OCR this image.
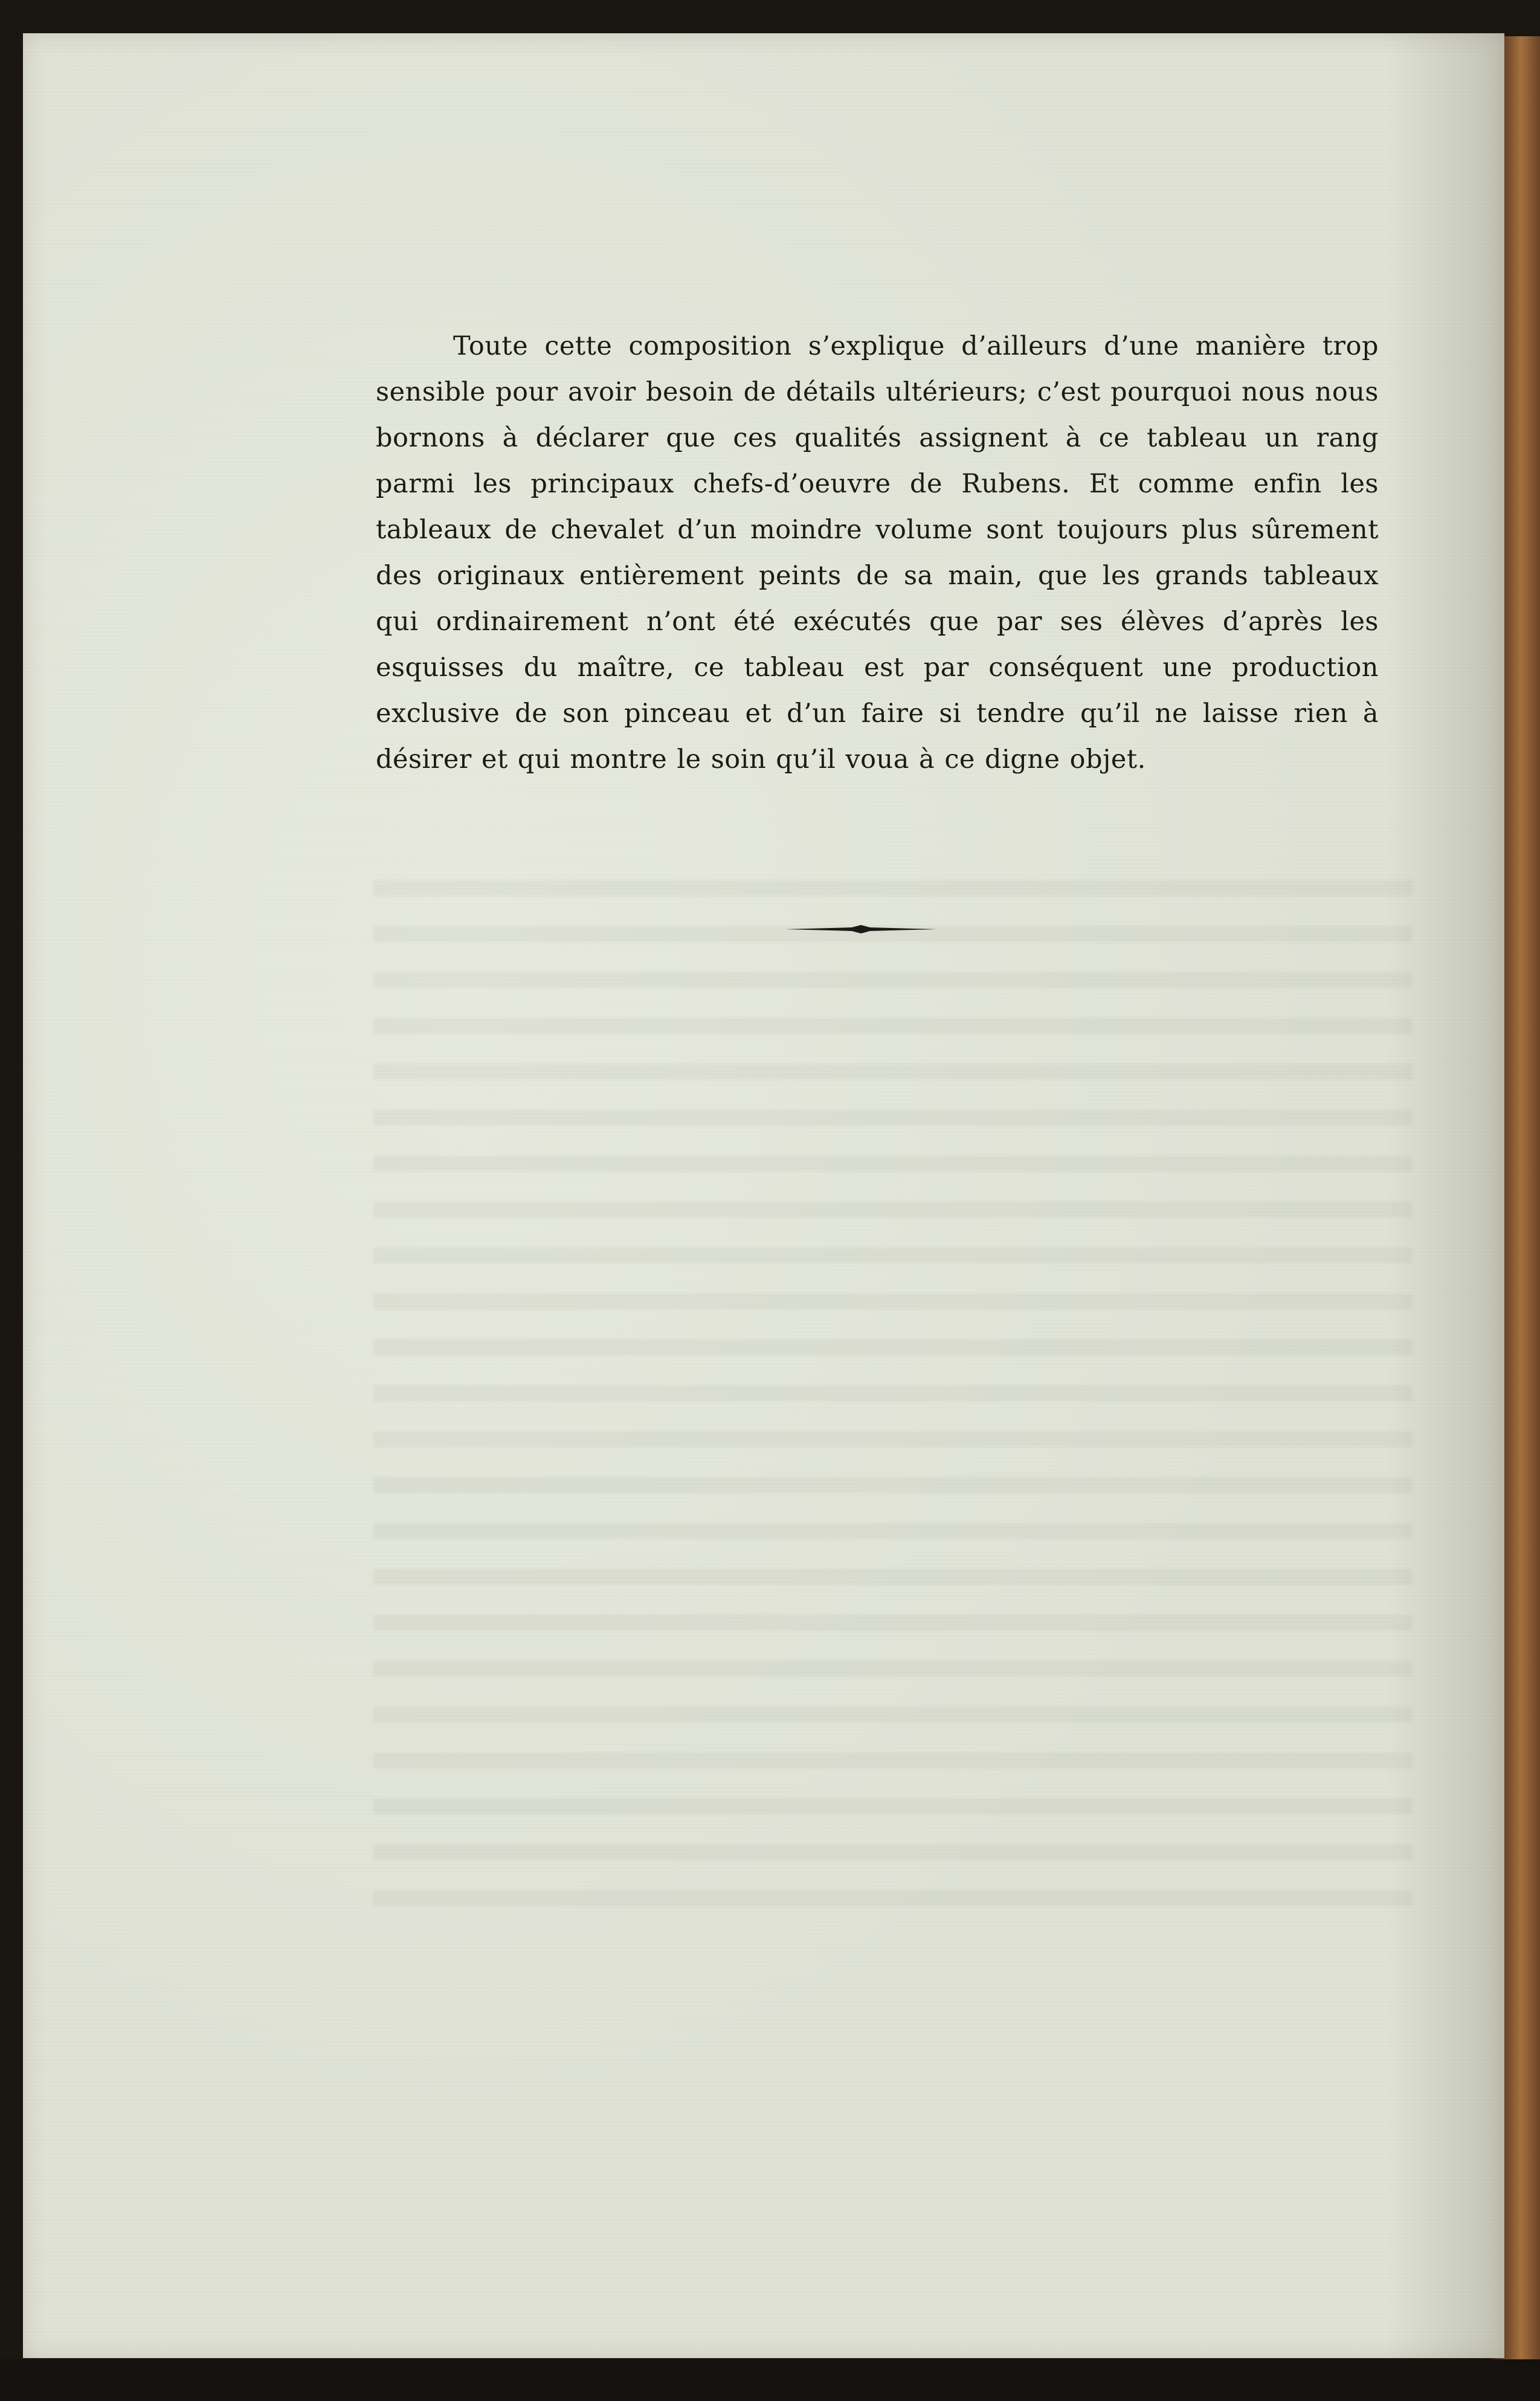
Toute cette composition s’explique d’ailleurs d’une manière trop sensible pour avoir besoin de détails ultérieurs; c’est pourquoi nous nous bornons à déclarer que ces qualités assignent à ce tableau un rang parmi les principaux chefs-d’oeuvre de Rubens. Et comme enfin les tableaux de chevalet d’un moindre volume sont toujours plus sûrement des originaux entièrement peints de sa main, que les grands tableaux qui ordinairement n’ont été exécutés que par ses élèves d’après les esquisses du maître, ce tableau est par conséquent une production exclusive de son pinceau et d’un faire si tendre qu’il ne laisse rien à désirer et qui montre le soin qu’il voua à ce digne objet.
